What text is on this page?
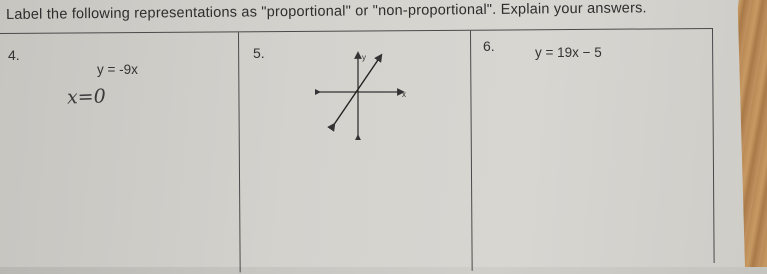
Label the following representations as "proportional" or "non-proportional". Explain your answers.

4.
y = -9x
x=0
5.	y
x
6.	y = 19x − 5
